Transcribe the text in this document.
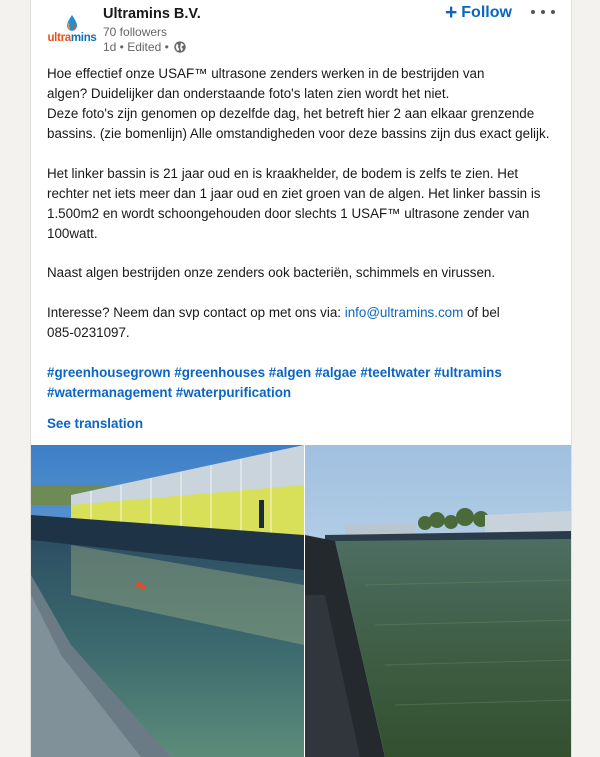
ultramins
Ultramins B.V.
70 followers
1d • Edited •
+ Follow
Hoe effectief onze USAF™ ultrasone zenders werken in de bestrijden van
algen? Duidelijker dan onderstaande foto's laten zien wordt het niet.
Deze foto's zijn genomen op dezelfde dag, het betreft hier 2 aan elkaar grenzende
bassins. (zie bomenlijn) Alle omstandigheden voor deze bassins zijn dus exact gelijk.
Het linker bassin is 21 jaar oud en is kraakhelder, de bodem is zelfs te zien. Het
rechter net iets meer dan 1 jaar oud en ziet groen van de algen. Het linker bassin is
1.500m2 en wordt schoongehouden door slechts 1 USAF™ ultrasone zender van
100watt.
Naast algen bestrijden onze zenders ook bacteriën, schimmels en virussen.
Interesse? Neem dan svp contact op met ons via: info@ultramins.com of bel
085-0231097.
#greenhousegrown #greenhouses #algen #algae #teeltwater #ultramins
#watermanagement #waterpurification
See translation
